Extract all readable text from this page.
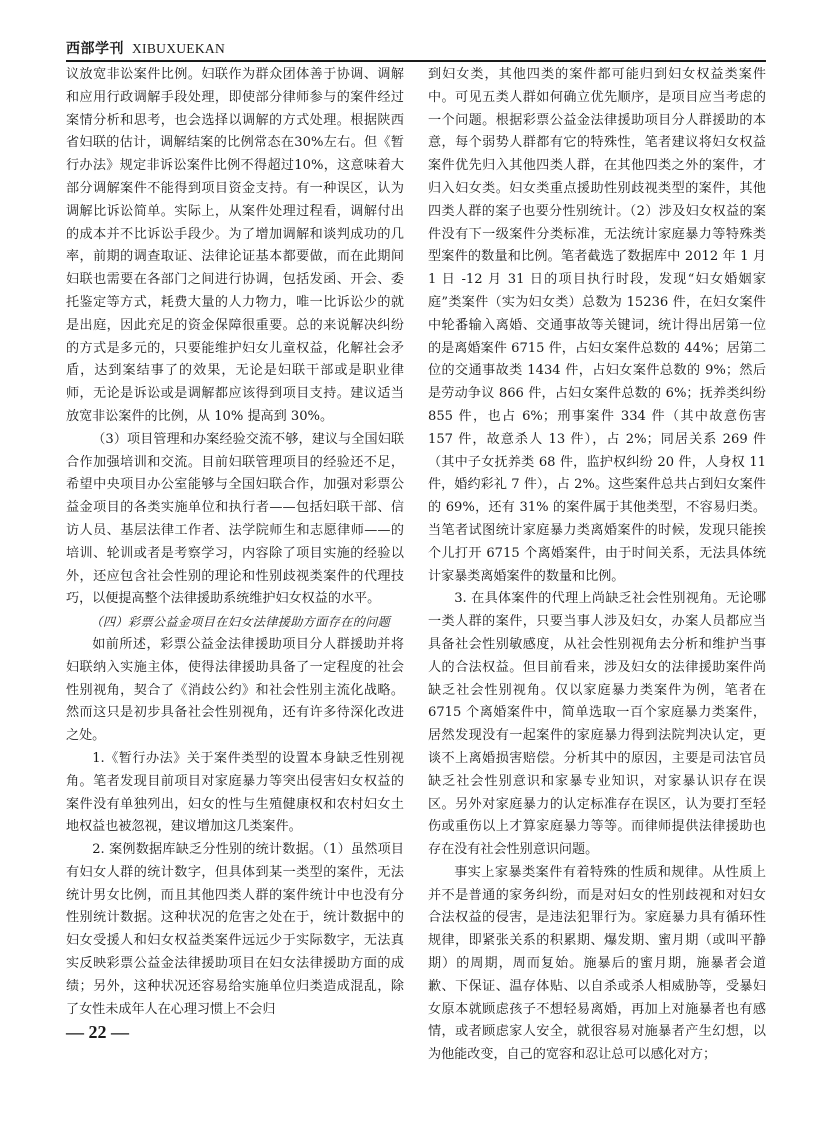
西部学刊 XIBUXUEKAN

议放宽非讼案件比例。妇联作为群众团体善于协调、调解和应用行政调解手段处理，即使部分律师参与的案件经过案情分析和思考，也会选择以调解的方式处理。根据陕西省妇联的估计，调解结案的比例常态在30%左右。但《暂行办法》规定非诉讼案件比例不得超过10%，这意味着大部分调解案件不能得到项目资金支持。有一种误区，认为调解比诉讼简单。实际上，从案件处理过程看，调解付出的成本并不比诉讼手段少。为了增加调解和谈判成功的几率，前期的调查取证、法律论证基本都要做，而在此期间妇联也需要在各部门之间进行协调，包括发函、开会、委托鉴定等方式，耗费大量的人力物力，唯一比诉讼少的就是出庭，因此充足的资金保障很重要。总的来说解决纠纷的方式是多元的，只要能维护妇女儿童权益，化解社会矛盾，达到案结事了的效果，无论是妇联干部或是职业律师，无论是诉讼或是调解都应该得到项目支持。建议适当放宽非讼案件的比例，从 10% 提高到 30%。

（3）项目管理和办案经验交流不够，建议与全国妇联合作加强培训和交流。目前妇联管理项目的经验还不足，希望中央项目办公室能够与全国妇联合作，加强对彩票公益金项目的各类实施单位和执行者——包括妇联干部、信访人员、基层法律工作者、法学院师生和志愿律师——的培训、轮训或者是考察学习，内容除了项目实施的经验以外，还应包含社会性别的理论和性别歧视类案件的代理技巧，以便提高整个法律援助系统维护妇女权益的水平。

（四）彩票公益金项目在妇女法律援助方面存在的问题

如前所述，彩票公益金法律援助项目分人群援助并将妇联纳入实施主体，使得法律援助具备了一定程度的社会性别视角，契合了《消歧公约》和社会性别主流化战略。然而这只是初步具备社会性别视角，还有许多待深化改进之处。

1.《暂行办法》关于案件类型的设置本身缺乏性别视角。笔者发现目前项目对家庭暴力等突出侵害妇女权益的案件没有单独列出，妇女的性与生殖健康权和农村妇女土地权益也被忽视，建议增加这几类案件。

2. 案例数据库缺乏分性别的统计数据。（1）虽然项目有妇女人群的统计数字，但具体到某一类型的案件，无法统计男女比例，而且其他四类人群的案件统计中也没有分性别统计数据。这种状况的危害之处在于，统计数据中的妇女受援人和妇女权益类案件远远少于实际数字，无法真实反映彩票公益金法律援助项目在妇女法律援助方面的成绩；另外，这种状况还容易给实施单位归类造成混乱，除了女性未成年人在心理习惯上不会归

到妇女类，其他四类的案件都可能归到妇女权益类案件中。可见五类人群如何确立优先顺序，是项目应当考虑的一个问题。根据彩票公益金法律援助项目分人群援助的本意，每个弱势人群都有它的特殊性，笔者建议将妇女权益案件优先归入其他四类人群，在其他四类之外的案件，才归入妇女类。妇女类重点援助性别歧视类型的案件，其他四类人群的案子也要分性别统计。（2）涉及妇女权益的案件没有下一级案件分类标准，无法统计家庭暴力等特殊类型案件的数量和比例。笔者截选了数据库中 2012 年 1 月 1 日 -12 月 31 日的项目执行时段，发现“妇女婚姻家庭”类案件（实为妇女类）总数为 15236 件，在妇女案件中轮番输入离婚、交通事故等关键词，统计得出居第一位的是离婚案件 6715 件，占妇女案件总数的 44%；居第二位的交通事故类 1434 件，占妇女案件总数的 9%；然后是劳动争议 866 件，占妇女案件总数的 6%；抚养类纠纷 855 件，也占 6%；刑事案件 334 件（其中故意伤害 157 件，故意杀人 13 件），占 2%；同居关系 269 件（其中子女抚养类 68 件，监护权纠纷 20 件，人身权 11 件，婚约彩礼 7 件），占 2%。这些案件总共占到妇女案件的 69%，还有 31% 的案件属于其他类型，不容易归类。当笔者试图统计家庭暴力类离婚案件的时候，发现只能挨个儿打开 6715 个离婚案件，由于时间关系，无法具体统计家暴类离婚案件的数量和比例。

3. 在具体案件的代理上尚缺乏社会性别视角。无论哪一类人群的案件，只要当事人涉及妇女，办案人员都应当具备社会性别敏感度，从社会性别视角去分析和维护当事人的合法权益。但目前看来，涉及妇女的法律援助案件尚缺乏社会性别视角。仅以家庭暴力类案件为例，笔者在 6715 个离婚案件中，简单选取一百个家庭暴力类案件，居然发现没有一起案件的家庭暴力得到法院判决认定，更谈不上离婚损害赔偿。分析其中的原因，主要是司法官员缺乏社会性别意识和家暴专业知识，对家暴认识存在误区。另外对家庭暴力的认定标准存在误区，认为要打至轻伤或重伤以上才算家庭暴力等等。而律师提供法律援助也存在没有社会性别意识问题。

事实上家暴类案件有着特殊的性质和规律。从性质上并不是普通的家务纠纷，而是对妇女的性别歧视和对妇女合法权益的侵害，是违法犯罪行为。家庭暴力具有循环性规律，即紧张关系的积累期、爆发期、蜜月期（或叫平静期）的周期，周而复始。施暴后的蜜月期，施暴者会道歉、下保证、温存体贴、以自杀或杀人相威胁等，受暴妇女原本就顾虑孩子不想轻易离婚，再加上对施暴者也有感情，或者顾虑家人安全，就很容易对施暴者产生幻想，以为他能改变，自己的宽容和忍让总可以感化对方；

— 22 —
